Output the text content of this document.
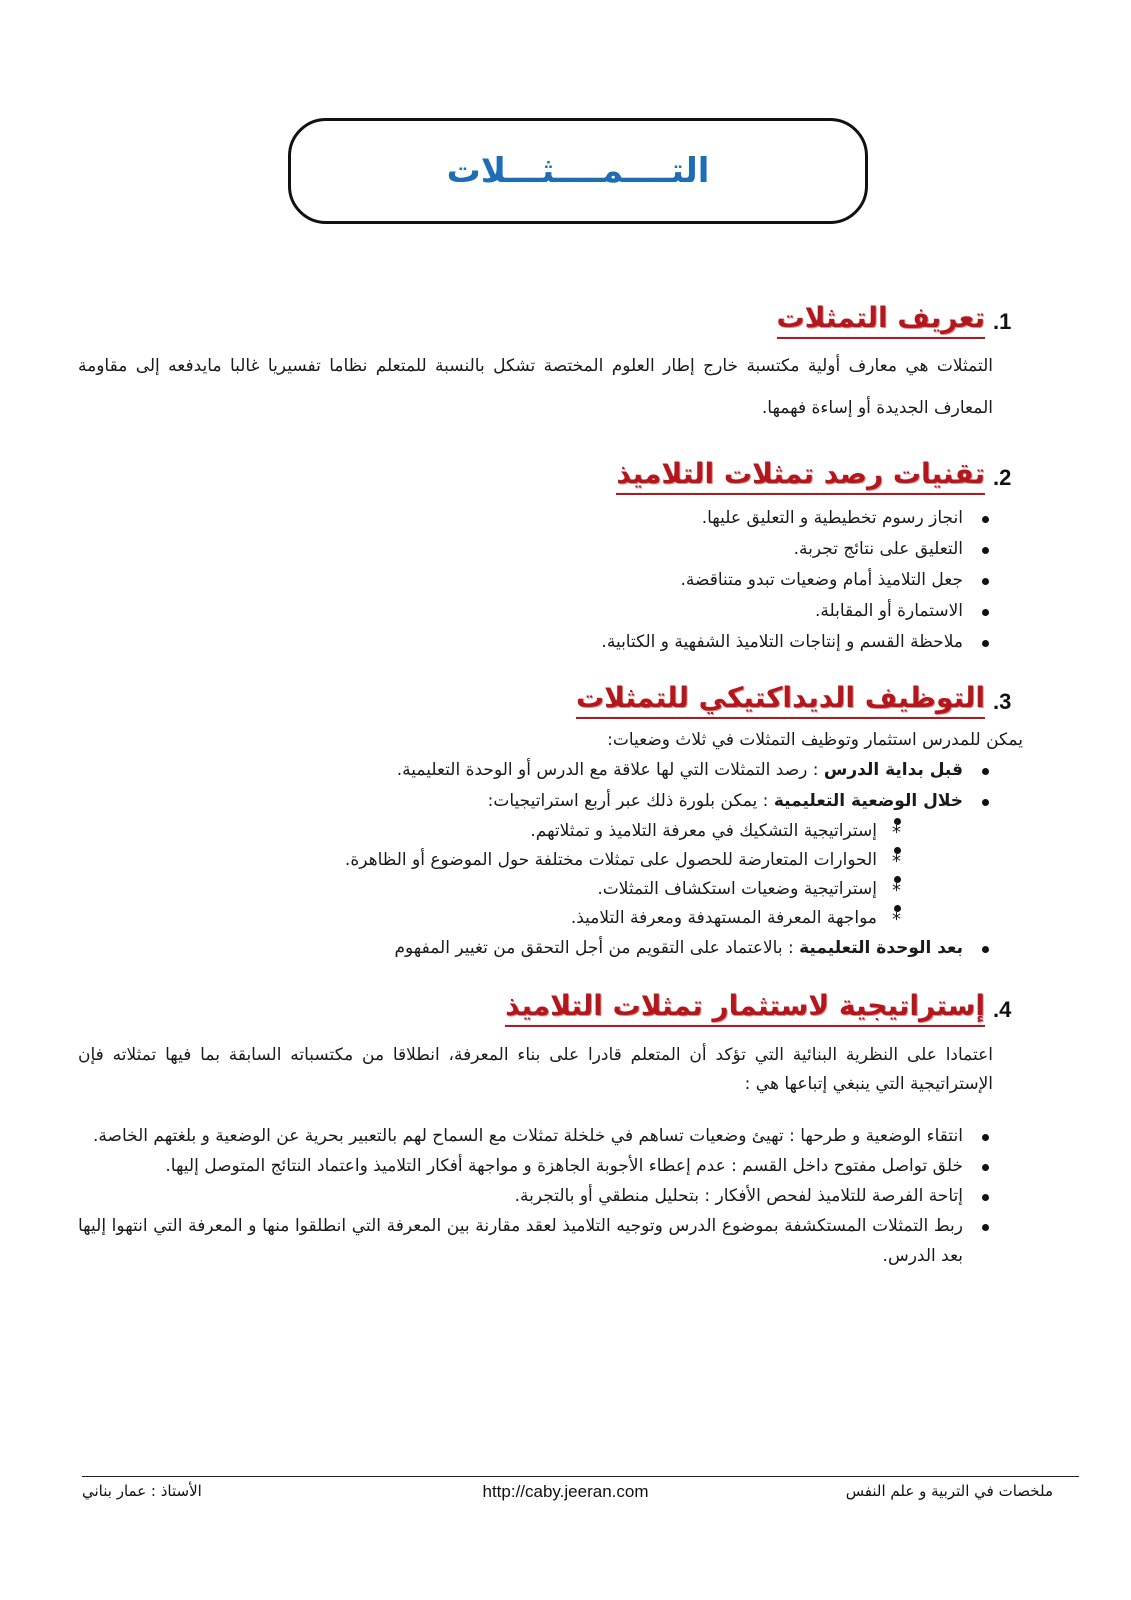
التــــمــــثـــلات
.1
تعريف التمثلات

التمثلات هي معارف أولية مكتسبة خارج إطار العلوم المختصة تشكل بالنسبة للمتعلم نظاما تفسيريا غالبا مايدفعه إلى مقاومة المعارف الجديدة أو إساءة فهمها.

.2
تقنيات رصد تمثلات التلاميذ
انجاز رسوم تخطيطية و التعليق عليها.
التعليق على نتائج تجربة.
جعل التلاميذ أمام وضعيات تبدو متناقضة.
الاستمارة أو المقابلة.
ملاحظة القسم و إنتاجات التلاميذ الشفهية و الكتابية.
.3
التوظيف الديداكتيكي للتمثلات
يمكن للمدرس استثمار وتوظيف التمثلات في ثلاث وضعيات:
قبل بداية الدرس : رصد التمثلات التي لها علاقة مع الدرس أو الوحدة التعليمية.
خلال الوضعية التعليمية : يمكن بلورة ذلك عبر أربع استراتيجيات:
* إستراتيجية التشكيك في معرفة التلاميذ و تمثلاتهم.
* الحوارات المتعارضة للحصول على تمثلات مختلفة حول الموضوع أو الظاهرة.
* إستراتيجية وضعيات استكشاف التمثلات.
* مواجهة المعرفة المستهدفة ومعرفة التلاميذ.
بعد الوحدة التعليمية : بالاعتماد على التقويم من أجل التحقق من تغيير المفهوم
.4
إستراتيجية لاستثمار تمثلات التلاميذ

اعتمادا على النظرية البنائية التي تؤكد أن المتعلم قادرا على بناء المعرفة، انطلاقا من مكتسباته السابقة بما فيها تمثلاته فإن الإستراتيجية التي ينبغي إتباعها هي :

انتقاء الوضعية و طرحها : تهيئ وضعيات تساهم في خلخلة تمثلات مع السماح لهم بالتعبير بحرية عن الوضعية و بلغتهم الخاصة.
خلق تواصل مفتوح داخل القسم : عدم إعطاء الأجوبة الجاهزة و مواجهة أفكار التلاميذ واعتماد النتائج المتوصل إليها.
إتاحة الفرصة للتلاميذ لفحص الأفكار : بتحليل منطقي أو بالتجربة.
ربط التمثلات المستكشفة بموضوع الدرس وتوجيه التلاميذ لعقد مقارنة بين المعرفة التي انطلقوا منها و المعرفة التي انتهوا إليها بعد الدرس.
ملخصات في التربية و علم النفس
http://caby.jeeran.com
الأستاذ : عمار بناني
